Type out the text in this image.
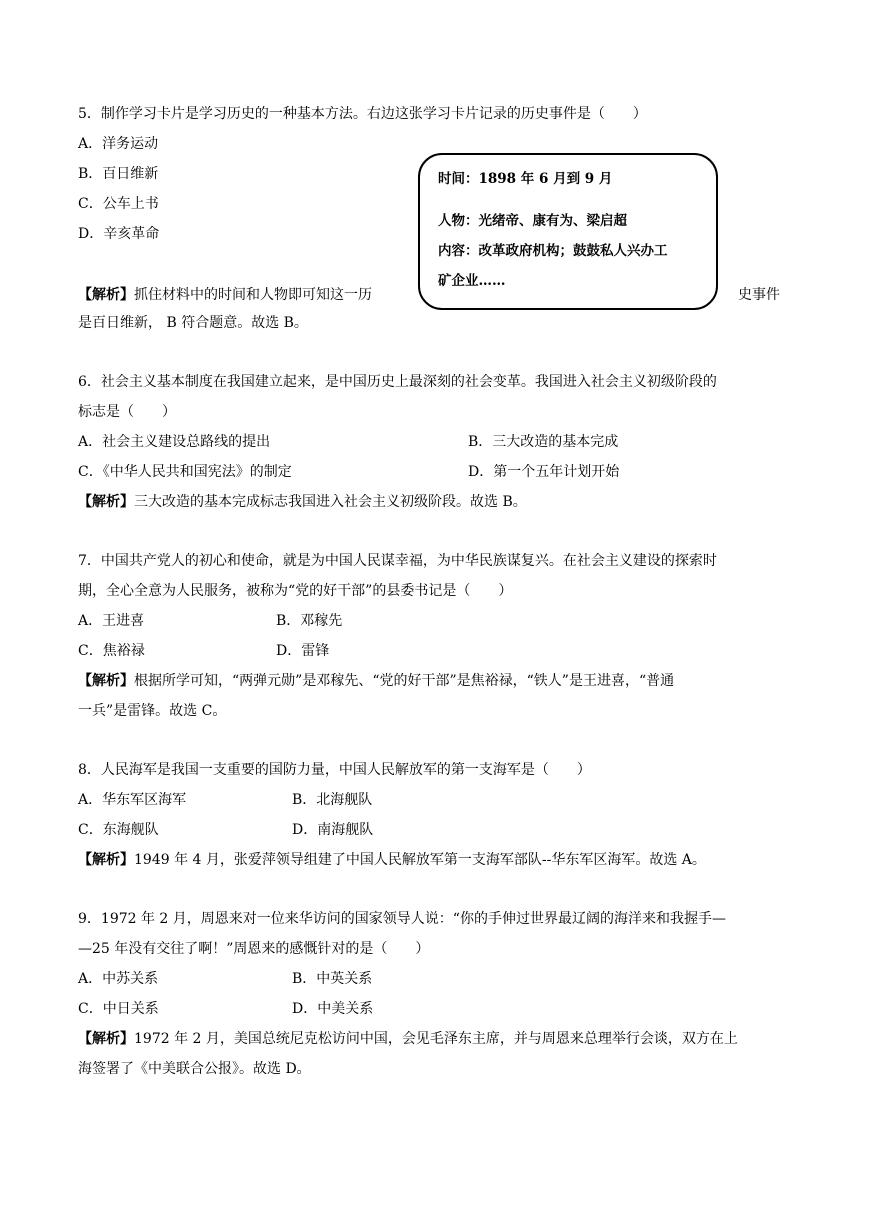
5．制作学习卡片是学习历史的一种基本方法。右边这张学习卡片记录的历史事件是（　　）
A．洋务运动
B．百日维新
C．公车上书
D．辛亥革命
时间：1898 年 6 月到 9 月
人物：光绪帝、康有为、梁启超
内容：改革政府机构；鼓鼓私人兴办工
矿企业……
【解析】抓住材料中的时间和人物即可知这一历	史事件
是百日维新， B 符合题意。故选 B。
6．社会主义基本制度在我国建立起来，是中国历史上最深刻的社会变革。我国进入社会主义初级阶段的
标志是（　　）
A．社会主义建设总路线的提出	B．三大改造的基本完成
C．《中华人民共和国宪法》的制定	D．第一个五年计划开始
【解析】三大改造的基本完成标志我国进入社会主义初级阶段。故选 B。
7．中国共产党人的初心和使命，就是为中国人民谋幸福，为中华民族谋复兴。在社会主义建设的探索时
期，全心全意为人民服务，被称为“党的好干部”的县委书记是（　　）
A．王进喜	B．邓稼先
C．焦裕禄	D．雷锋
【解析】根据所学可知，“两弹元勋”是邓稼先、“党的好干部”是焦裕禄，“铁人”是王进喜，“普通
一兵”是雷锋。故选 C。
8．人民海军是我国一支重要的国防力量，中国人民解放军的第一支海军是（　　）
A．华东军区海军	B．北海舰队
C．东海舰队	D．南海舰队
【解析】1949 年 4 月，张爱萍领导组建了中国人民解放军第一支海军部队--华东军区海军。故选 A。
9．1972 年 2 月，周恩来对一位来华访问的国家领导人说：“你的手伸过世界最辽阔的海洋来和我握手—
—25 年没有交往了啊！”周恩来的感慨针对的是（　　）
A．中苏关系	B．中英关系
C．中日关系	D．中美关系
【解析】1972 年 2 月，美国总统尼克松访问中国，会见毛泽东主席，并与周恩来总理举行会谈，双方在上
海签署了《中美联合公报》。故选 D。
